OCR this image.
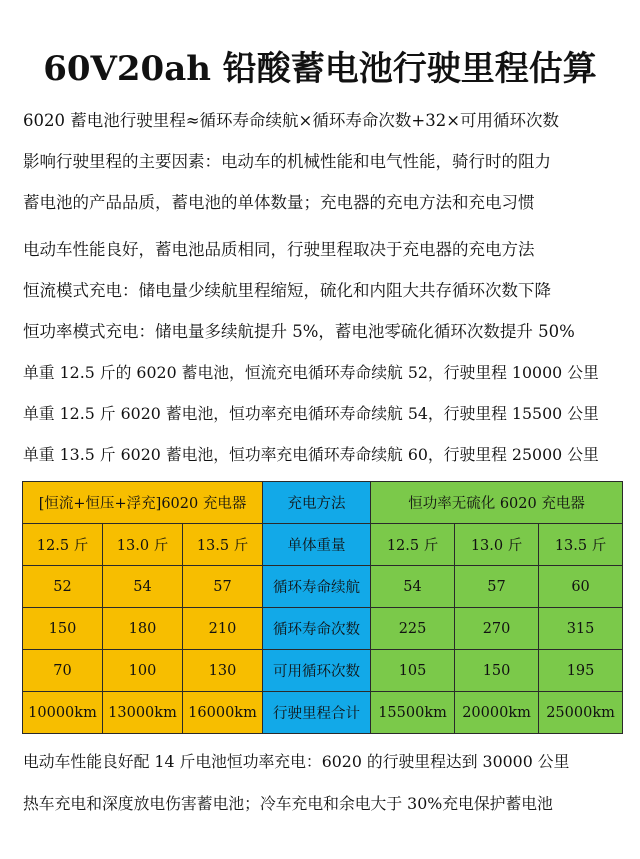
60V20ah 铅酸蓄电池行驶里程估算
6020 蓄电池行驶里程≈循环寿命续航×循环寿命次数+32×可用循环次数
影响行驶里程的主要因素：电动车的机械性能和电气性能，骑行时的阻力
蓄电池的产品品质，蓄电池的单体数量；充电器的充电方法和充电习惯
电动车性能良好，蓄电池品质相同，行驶里程取决于充电器的充电方法
恒流模式充电：储电量少续航里程缩短，硫化和内阻大共存循环次数下降
恒功率模式充电：储电量多续航提升 5%，蓄电池零硫化循环次数提升 50%
单重 12.5 斤的 6020 蓄电池，恒流充电循环寿命续航 52，行驶里程 10000 公里
单重 12.5 斤 6020 蓄电池，恒功率充电循环寿命续航 54，行驶里程 15500 公里
单重 13.5 斤 6020 蓄电池，恒功率充电循环寿命续航 60，行驶里程 25000 公里
[恒流+恒压+浮充]6020 充电器			充电方法	恒功率无硫化 6020 充电器		
12.5 斤	13.0 斤	13.5 斤	单体重量	12.5 斤	13.0 斤	13.5 斤
52	54	57	循环寿命续航	54	57	60
150	180	210	循环寿命次数	225	270	315
70	100	130	可用循环次数	105	150	195
10000km	13000km	16000km	行驶里程合计	15500km	20000km	25000km
电动车性能良好配 14 斤电池恒功率充电：6020 的行驶里程达到 30000 公里
热车充电和深度放电伤害蓄电池；冷车充电和余电大于 30%充电保护蓄电池
